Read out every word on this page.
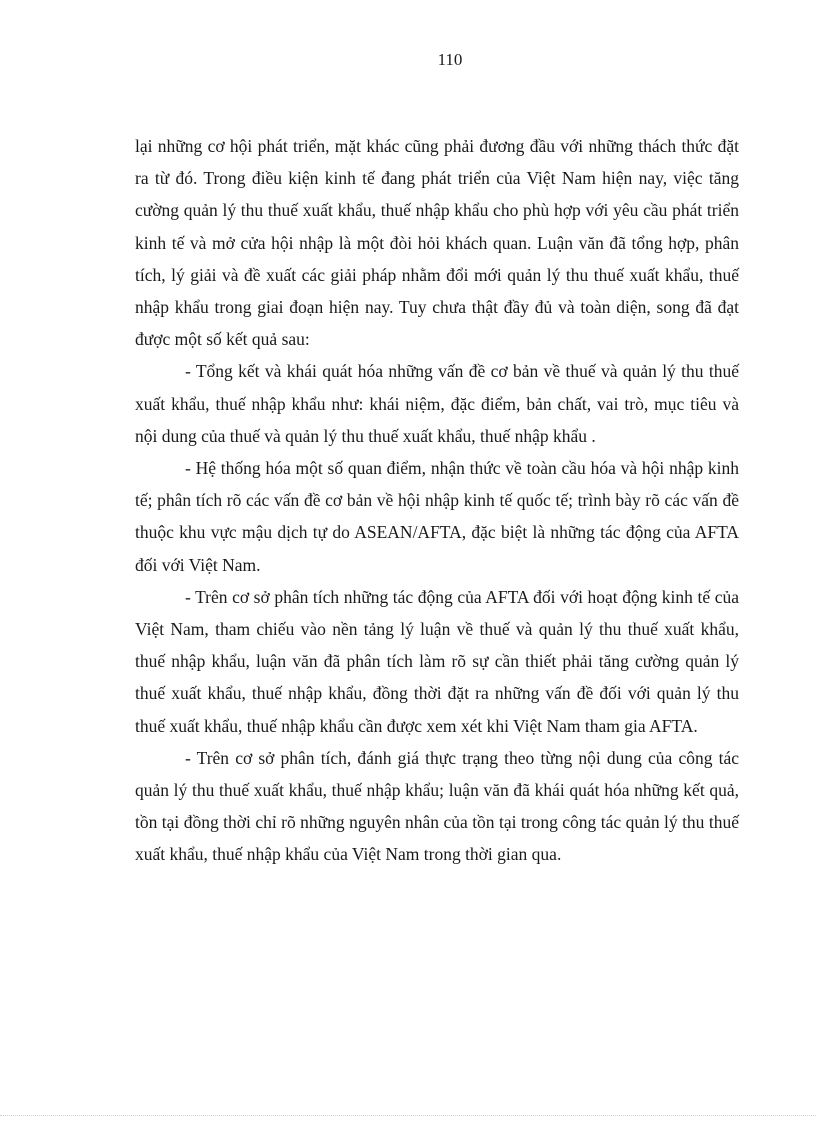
110

lại những cơ hội phát triển, mặt khác cũng phải đương đầu với những thách thức đặt ra từ đó. Trong điều kiện kinh tế đang phát triển của Việt Nam hiện nay, việc tăng cường quản lý thu thuế xuất khẩu, thuế nhập khẩu cho phù hợp với yêu cầu phát triển kinh tế và mở cửa hội nhập là một đòi hỏi khách quan. Luận văn đã tổng hợp, phân tích, lý giải và đề xuất các giải pháp nhằm đổi mới quản lý thu thuế xuất khẩu, thuế nhập khẩu trong giai đoạn hiện nay. Tuy chưa thật đầy đủ và toàn diện, song đã đạt được một số kết quả sau:

- Tổng kết và khái quát hóa những vấn đề cơ bản về thuế và quản lý thu thuế xuất khẩu, thuế nhập khẩu như: khái niệm, đặc điểm, bản chất, vai trò, mục tiêu và nội dung của thuế và quản lý thu thuế xuất khẩu, thuế nhập khẩu .

- Hệ thống hóa một số quan điểm, nhận thức về toàn cầu hóa và hội nhập kinh tế; phân tích rõ các vấn đề cơ bản về hội nhập kinh tế quốc tế; trình bày rõ các vấn đề thuộc khu vực mậu dịch tự do ASEAN/AFTA, đặc biệt là những tác động của AFTA đối với Việt Nam.

- Trên cơ sở phân tích những tác động của AFTA đối với hoạt động kinh tế của Việt Nam, tham chiếu vào nền tảng lý luận về thuế và quản lý thu thuế xuất khẩu, thuế nhập khẩu, luận văn đã phân tích làm rõ sự cần thiết phải tăng cường quản lý thuế xuất khẩu, thuế nhập khẩu, đồng thời đặt ra những vấn đề đối với quản lý thu thuế xuất khẩu, thuế nhập khẩu cần được xem xét khi Việt Nam tham gia AFTA.

- Trên cơ sở phân tích, đánh giá thực trạng theo từng nội dung của công tác quản lý thu thuế xuất khẩu, thuế nhập khẩu; luận văn đã khái quát hóa những kết quả, tồn tại đồng thời chỉ rõ những nguyên nhân của tồn tại trong công tác quản lý thu thuế xuất khẩu, thuế nhập khẩu của Việt Nam trong thời gian qua.
